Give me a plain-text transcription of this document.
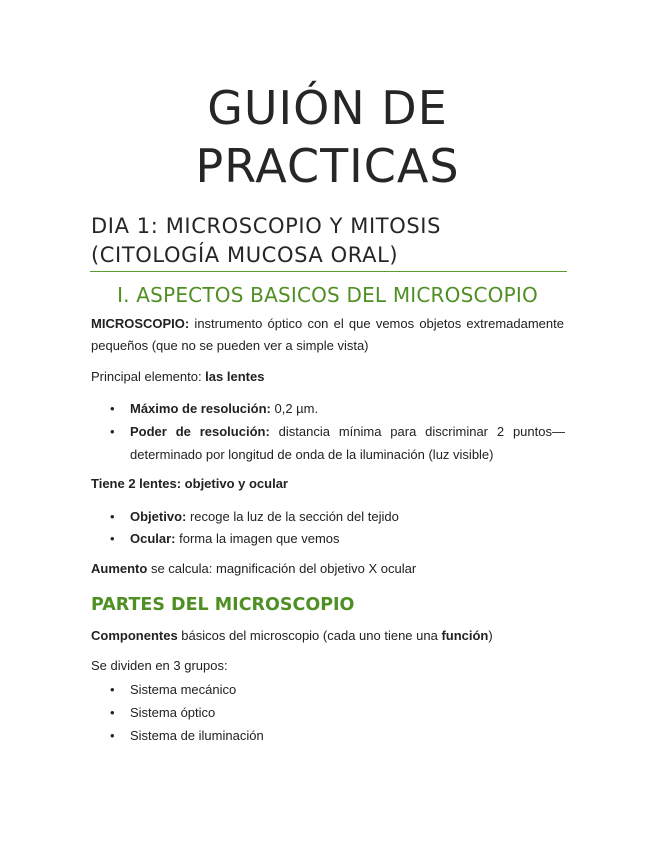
GUIÓN DE
PRACTICAS
DIA 1: MICROSCOPIO Y MITOSIS (CITOLOGÍA MUCOSA ORAL)
I. ASPECTOS BASICOS DEL MICROSCOPIO

MICROSCOPIO: instrumento óptico con el que vemos objetos extremadamente pequeños (que no se pueden ver a simple vista)

Principal elemento: las lentes

• Máximo de resolución: 0,2 µm.
• Poder de resolución: distancia mínima para discriminar 2 puntos—determinado por longitud de onda de la iluminación (luz visible)

Tiene 2 lentes: objetivo y ocular

• Objetivo: recoge la luz de la sección del tejido
• Ocular: forma la imagen que vemos

Aumento se calcula: magnificación del objetivo X ocular

PARTES DEL MICROSCOPIO

Componentes básicos del microscopio (cada uno tiene una función)

Se dividen en 3 grupos:

• Sistema mecánico
• Sistema óptico
• Sistema de iluminación
